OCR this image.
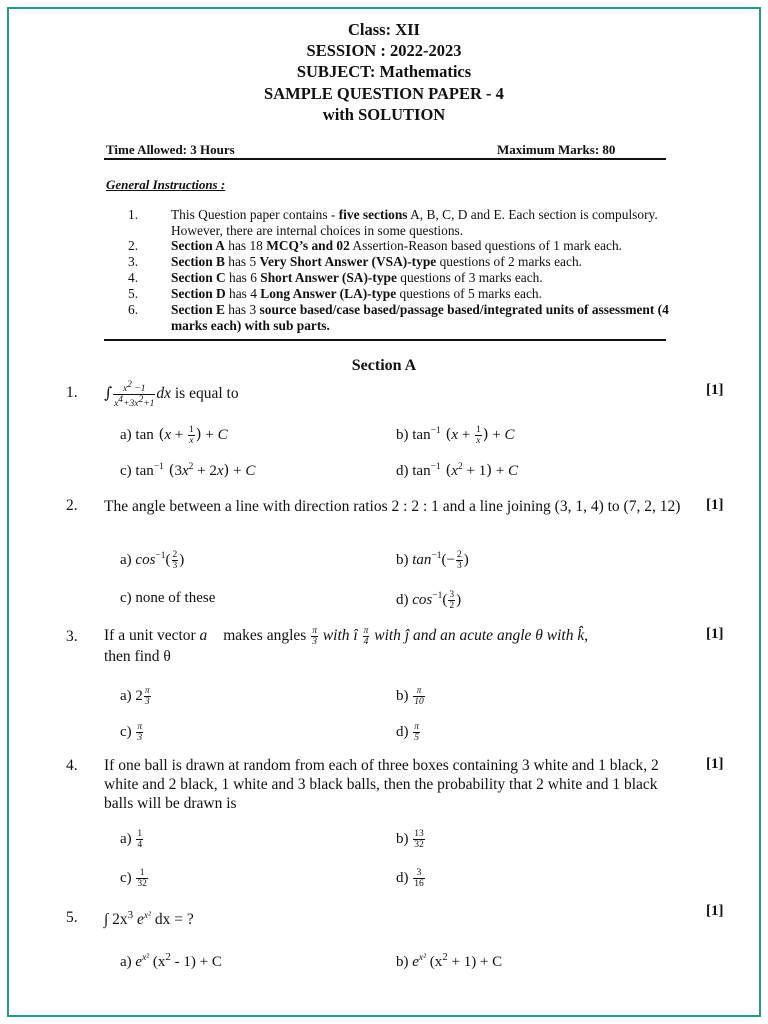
Class: XII
SESSION : 2022-2023
SUBJECT: Mathematics
SAMPLE QUESTION PAPER - 4
with SOLUTION
Time Allowed: 3 Hours	Maximum Marks: 80
General Instructions :
1. This Question paper contains - five sections A, B, C, D and E. Each section is compulsory. However, there are internal choices in some questions.
2. Section A has 18 MCQ’s and 02 Assertion-Reason based questions of 1 mark each.
3. Section B has 5 Very Short Answer (VSA)-type questions of 2 marks each.
4. Section C has 6 Short Answer (SA)-type questions of 3 marks each.
5. Section D has 4 Long Answer (LA)-type questions of 5 marks each.
6. Section E has 3 source based/case based/passage based/integrated units of assessment (4 marks each) with sub parts.
Section A
1. ∫ $\frac{x^2 -1}{x^4+3x^2+1}$ dx is equal to	[1]
a) $\tan (x + \frac{1}{x}$ ) + C	b) $\tan^{-1} (x + \frac{1}{x}$ ) + C
c) $\tan^{-1} (3x^2 + 2x) + C$	d) $\tan^{-1} (x^2 + 1) + C$
2. The angle between a line with direction ratios 2 : 2 : 1 and a line joining (3, 1, 4) to (7, 2, 12)	[1]
a) $\cos^{-1}( \frac{2}{3}$ )	b) $\tan^{-1}(- \frac{2}{3}$ )
c) none of these	d) $\cos^{-1}( \frac{3}{2}$ )
3. If a unit vector a⃗ makes angles $\frac{\pi}{3}$ with î $\frac{\pi}{4}$ with ĵ and an acute angle θ with k̂,
then find θ
[1]
a) $2 \frac{\pi}{3}$	$b) \frac{\pi}{10}$
$c) \frac{\pi}{3}$	$d) \frac{\pi}{5}$
4. If one ball is drawn at random from each of three boxes containing 3 white and 1 black, 2 white and 2 black, 1 white and 3 black balls, then the probability that 2 white and 1 black balls will be drawn is
[1]
$a) \frac{1}{4}$	$b) \frac{13}{32}$
$c) \frac{1}{32}$	$d) \frac{3}{16}$
5. ∫ $2x^3$ $e^{x^2}$ dx = ?
[1]
a) $e^{x^2}$ $(x^2 - 1) + C$	b) $e^{x^2}$ $(x^2 + 1) + C$
